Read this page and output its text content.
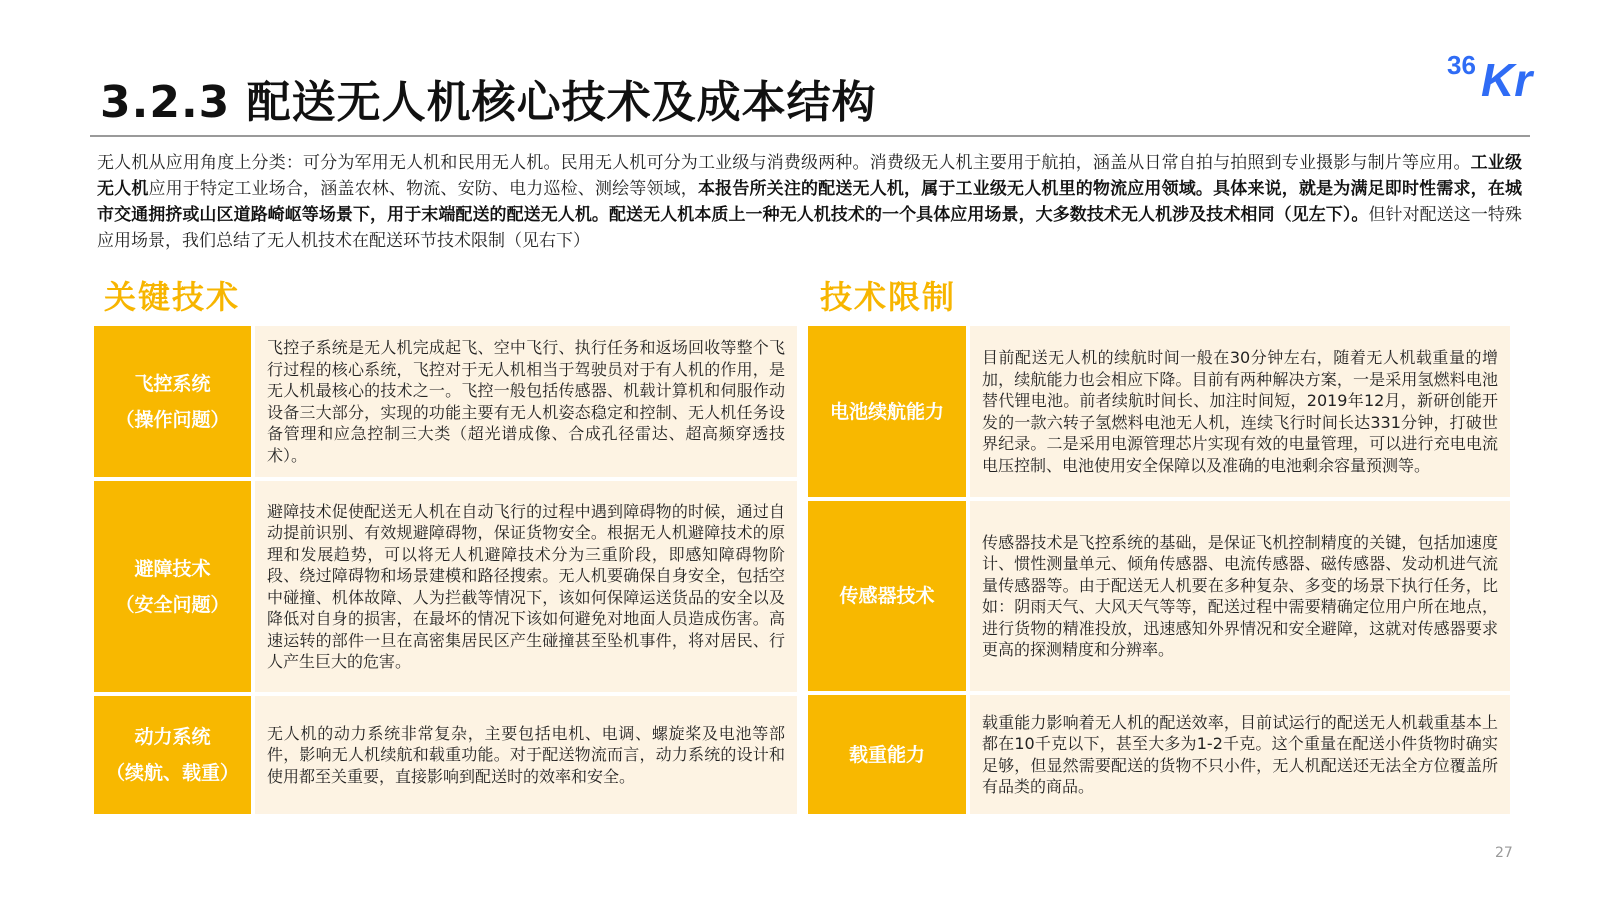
3.2.3 配送无人机核心技术及成本结构
36 Kr
无人机从应用角度上分类：可分为军用无人机和民用无人机。民用无人机可分为工业级与消费级两种。消费级无人机主要用于航拍，涵盖从日常自拍与拍照到专业摄影与制片等应用。工业级无人机应用于特定工业场合，涵盖农林、物流、安防、电力巡检、测绘等领域，本报告所关注的配送无人机，属于工业级无人机里的物流应用领域。具体来说，就是为满足即时性需求，在城市交通拥挤或山区道路崎岖等场景下，用于末端配送的配送无人机。配送无人机本质上一种无人机技术的一个具体应用场景，大多数技术无人机涉及技术相同（见左下）。但针对配送这一特殊应用场景，我们总结了无人机技术在配送环节技术限制（见右下）
关键技术
飞控系统
（操作问题）
飞控子系统是无人机完成起飞、空中飞行、执行任务和返场回收等整个飞行过程的核心系统，飞控对于无人机相当于驾驶员对于有人机的作用，是无人机最核心的技术之一。飞控一般包括传感器、机载计算机和伺服作动设备三大部分，实现的功能主要有无人机姿态稳定和控制、无人机任务设备管理和应急控制三大类（超光谱成像、合成孔径雷达、超高频穿透技术）。
避障技术
（安全问题）
避障技术促使配送无人机在自动飞行的过程中遇到障碍物的时候，通过自动提前识别、有效规避障碍物，保证货物安全。根据无人机避障技术的原理和发展趋势，可以将无人机避障技术分为三重阶段，即感知障碍物阶段、绕过障碍物和场景建模和路径搜索。无人机要确保自身安全，包括空中碰撞、机体故障、人为拦截等情况下，该如何保障运送货品的安全以及降低对自身的损害，在最坏的情况下该如何避免对地面人员造成伤害。高速运转的部件一旦在高密集居民区产生碰撞甚至坠机事件，将对居民、行人产生巨大的危害。
动力系统
（续航、载重）
无人机的动力系统非常复杂，主要包括电机、电调、螺旋桨及电池等部件，影响无人机续航和载重功能。对于配送物流而言，动力系统的设计和使用都至关重要，直接影响到配送时的效率和安全。
技术限制
电池续航能力
目前配送无人机的续航时间一般在30分钟左右，随着无人机载重量的增加，续航能力也会相应下降。目前有两种解决方案，一是采用氢燃料电池替代锂电池。前者续航时间长、加注时间短，2019年12月，新研创能开发的一款六转子氢燃料电池无人机，连续飞行时间长达331分钟，打破世界纪录。二是采用电源管理芯片实现有效的电量管理，可以进行充电电流电压控制、电池使用安全保障以及准确的电池剩余容量预测等。
传感器技术
传感器技术是飞控系统的基础，是保证飞机控制精度的关键，包括加速度计、惯性测量单元、倾角传感器、电流传感器、磁传感器、发动机进气流量传感器等。由于配送无人机要在多种复杂、多变的场景下执行任务，比如：阴雨天气、大风天气等等，配送过程中需要精确定位用户所在地点，进行货物的精准投放，迅速感知外界情况和安全避障，这就对传感器要求更高的探测精度和分辨率。
载重能力
载重能力影响着无人机的配送效率，目前试运行的配送无人机载重基本上都在10千克以下，甚至大多为1-2千克。这个重量在配送小件货物时确实足够，但显然需要配送的货物不只小件，无人机配送还无法全方位覆盖所有品类的商品。
27
